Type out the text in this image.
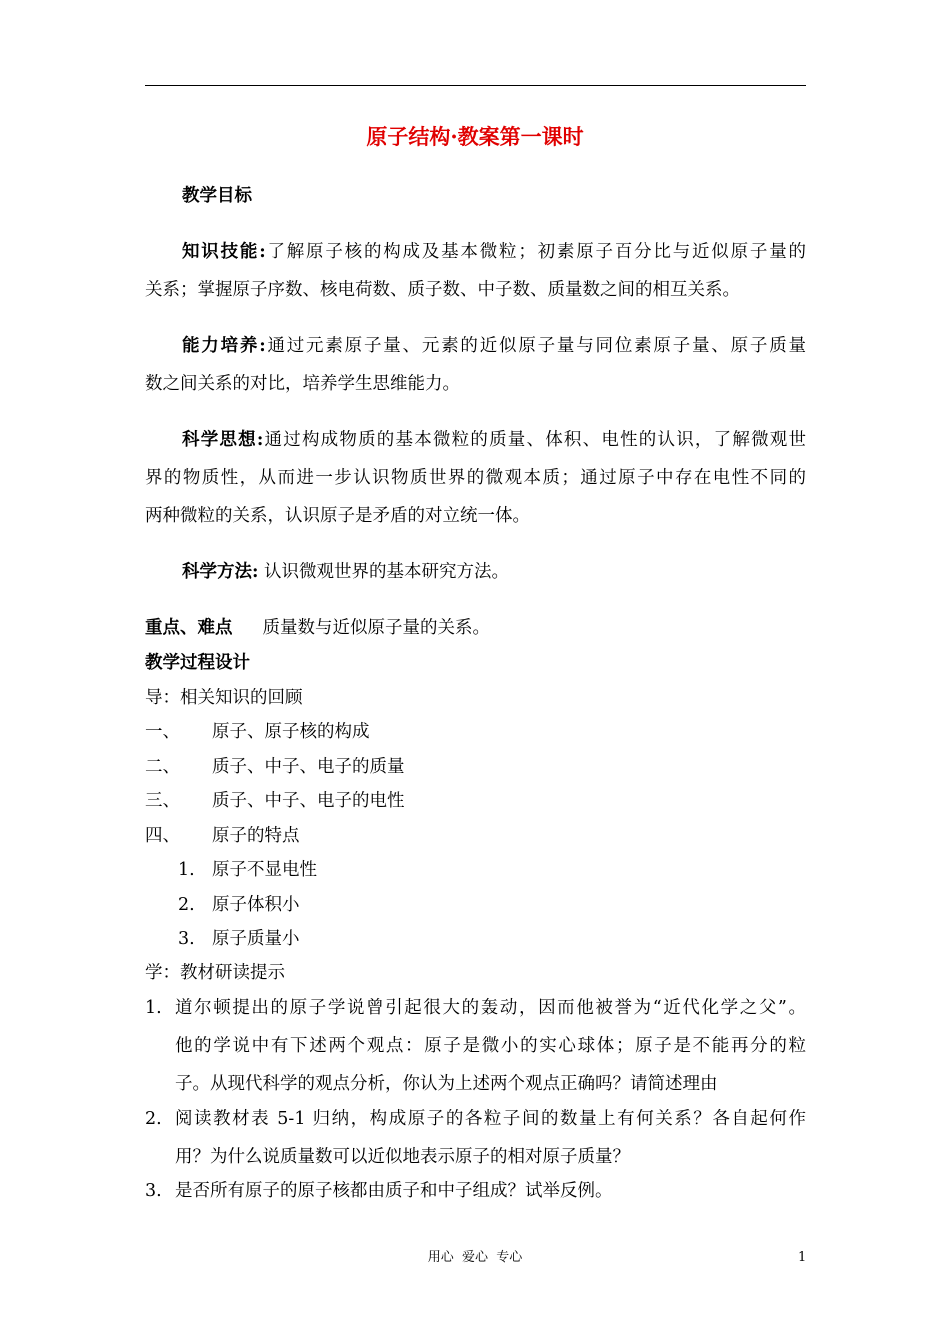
原子结构·教案第一课时
教学目标
知识技能:了解原子核的构成及基本微粒；初素原子百分比与近似原子量的
关系；掌握原子序数、核电荷数、质子数、中子数、质量数之间的相互关系。
能力培养:通过元素原子量、元素的近似原子量与同位素原子量、原子质量
数之间关系的对比，培养学生思维能力。
科学思想:通过构成物质的基本微粒的质量、体积、电性的认识，了解微观世
界的物质性，从而进一步认识物质世界的微观本质；通过原子中存在电性不同的
两种微粒的关系，认识原子是矛盾的对立统一体。
科学方法: 认识微观世界的基本研究方法。
重点、难点 质量数与近似原子量的关系。
教学过程设计
导：相关知识的回顾
一、 原子、原子核的构成
二、 质子、中子、电子的质量
三、 质子、中子、电子的电性
四、 原子的特点
1. 原子不显电性
2. 原子体积小
3. 原子质量小
学：教材研读提示
1. 道尔顿提出的原子学说曾引起很大的轰动，因而他被誉为“近代化学之父”。
他的学说中有下述两个观点：原子是微小的实心球体；原子是不能再分的粒
子。从现代科学的观点分析，你认为上述两个观点正确吗？请简述理由
2. 阅读教材表 5-1 归纳，构成原子的各粒子间的数量上有何关系？各自起何作
用？为什么说质量数可以近似地表示原子的相对原子质量？
3. 是否所有原子的原子核都由质子和中子组成？试举反例。
用心  爱心  专心	1
